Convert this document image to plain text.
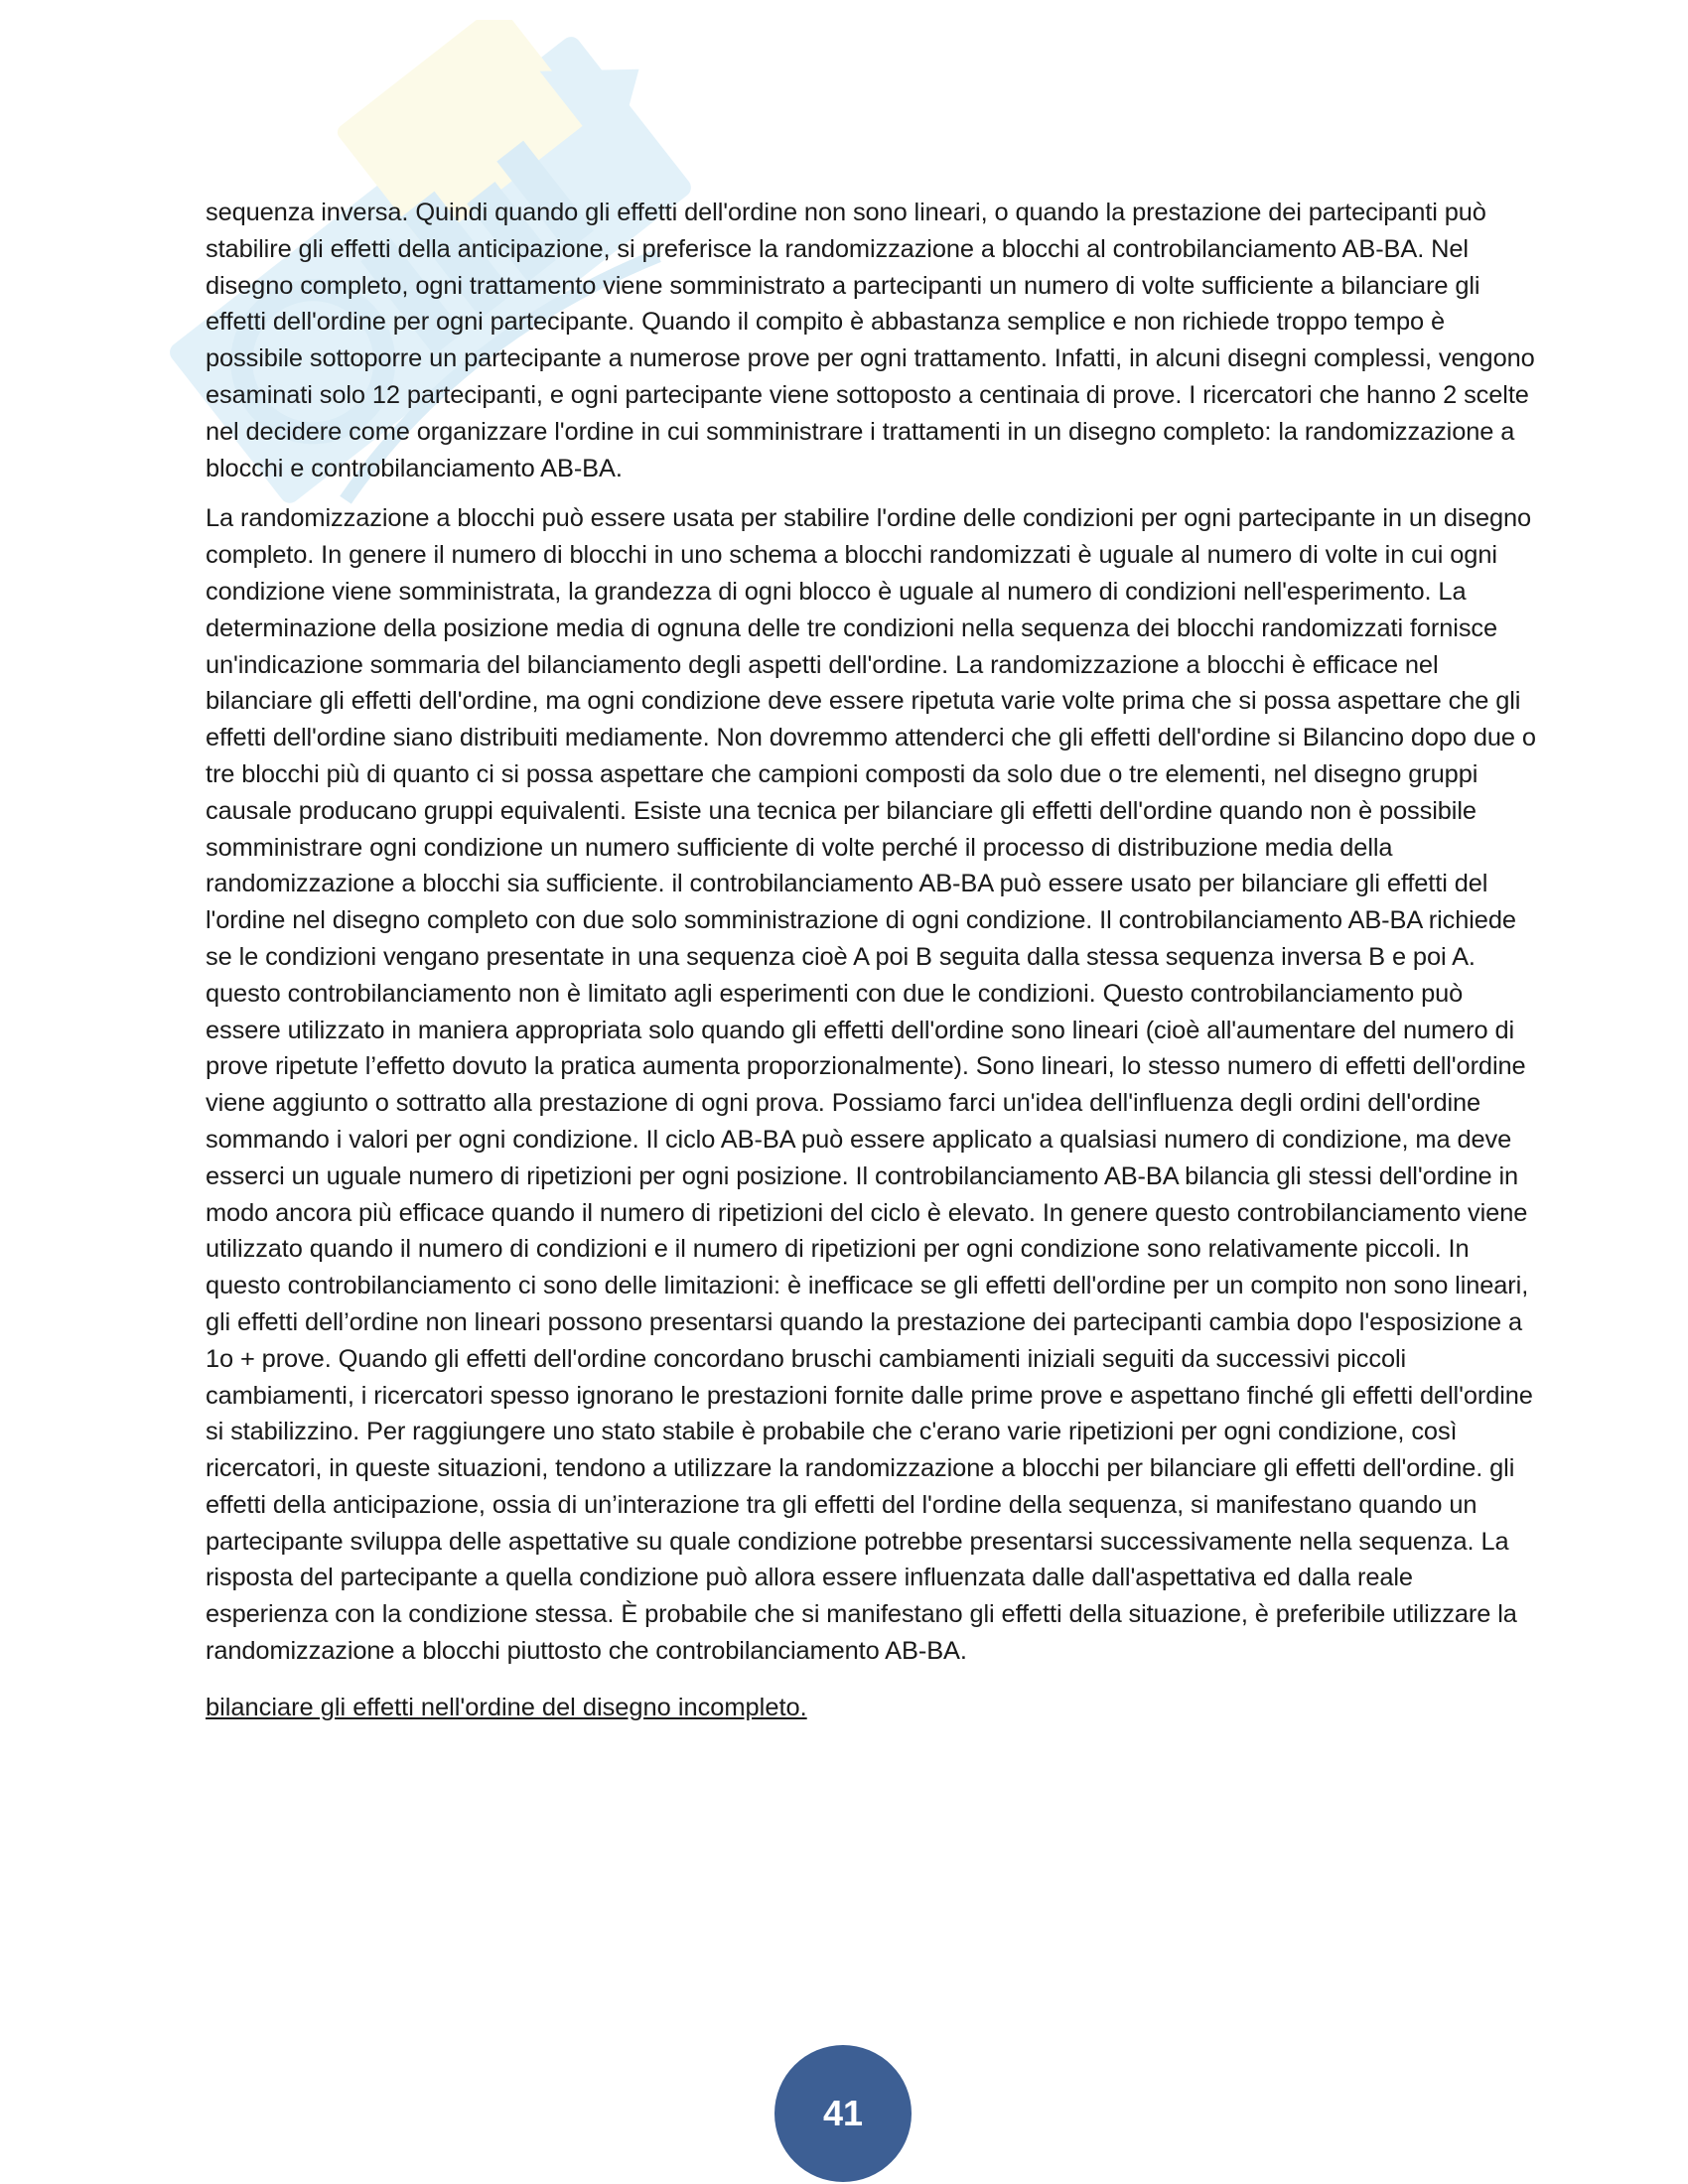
sequenza inversa. Quindi quando gli effetti dell'ordine non sono lineari, o quando la prestazione dei partecipanti può stabilire gli effetti della anticipazione, si preferisce la randomizzazione a blocchi al controbilanciamento AB-BA. Nel disegno completo, ogni trattamento viene somministrato a partecipanti un numero di volte sufficiente a bilanciare gli effetti dell'ordine per ogni partecipante. Quando il compito è abbastanza semplice e non richiede troppo tempo è possibile sottoporre un partecipante a numerose prove per ogni trattamento. Infatti, in alcuni disegni complessi, vengono esaminati solo 12 partecipanti, e ogni partecipante viene sottoposto a centinaia di prove. I ricercatori che hanno 2 scelte nel decidere come organizzare l'ordine in cui somministrare i trattamenti in un disegno completo: la randomizzazione a blocchi e controbilanciamento AB-BA.

La randomizzazione a blocchi può essere usata per stabilire l'ordine delle condizioni per ogni partecipante in un disegno completo. In genere il numero di blocchi in uno schema a blocchi randomizzati è uguale al numero di volte in cui ogni condizione viene somministrata, la grandezza di ogni blocco è uguale al numero di condizioni nell'esperimento. La determinazione della posizione media di ognuna delle tre condizioni nella sequenza dei blocchi randomizzati fornisce un'indicazione sommaria del bilanciamento degli aspetti dell'ordine. La randomizzazione a blocchi è efficace nel bilanciare gli effetti dell'ordine, ma ogni condizione deve essere ripetuta varie volte prima che si possa aspettare che gli effetti dell'ordine siano distribuiti mediamente. Non dovremmo attenderci che gli effetti dell'ordine si Bilancino dopo due o tre blocchi più di quanto ci si possa aspettare che campioni composti da solo due o tre elementi, nel disegno gruppi causale producano gruppi equivalenti. Esiste una tecnica per bilanciare gli effetti dell'ordine quando non è possibile somministrare ogni condizione un numero sufficiente di volte perché il processo di distribuzione media della randomizzazione a blocchi sia sufficiente. il controbilanciamento AB-BA può essere usato per bilanciare gli effetti del l'ordine nel disegno completo con due solo somministrazione di ogni condizione. Il controbilanciamento AB-BA richiede se le condizioni vengano presentate in una sequenza cioè A poi B seguita dalla stessa sequenza inversa B e poi A. questo controbilanciamento non è limitato agli esperimenti con due le condizioni. Questo controbilanciamento può essere utilizzato in maniera appropriata solo quando gli effetti dell'ordine sono lineari (cioè all'aumentare del numero di prove ripetute l’effetto dovuto la pratica aumenta proporzionalmente). Sono lineari, lo stesso numero di effetti dell'ordine viene aggiunto o sottratto alla prestazione di ogni prova. Possiamo farci un'idea dell'influenza degli ordini dell'ordine sommando i valori per ogni condizione. Il ciclo AB-BA può essere applicato a qualsiasi numero di condizione, ma deve esserci un uguale numero di ripetizioni per ogni posizione. Il controbilanciamento AB-BA bilancia gli stessi dell'ordine in modo ancora più efficace quando il numero di ripetizioni del ciclo è elevato. In genere questo controbilanciamento viene utilizzato quando il numero di condizioni e il numero di ripetizioni per ogni condizione sono relativamente piccoli. In questo controbilanciamento ci sono delle limitazioni: è inefficace se gli effetti dell'ordine per un compito non sono lineari, gli effetti dell’ordine non lineari possono presentarsi quando la prestazione dei partecipanti cambia dopo l'esposizione a 1o + prove. Quando gli effetti dell'ordine concordano bruschi cambiamenti iniziali seguiti da successivi piccoli cambiamenti, i ricercatori spesso ignorano le prestazioni fornite dalle prime prove e aspettano finché gli effetti dell'ordine si stabilizzino. Per raggiungere uno stato stabile è probabile che c'erano varie ripetizioni per ogni condizione, così ricercatori, in queste situazioni, tendono a utilizzare la randomizzazione a blocchi per bilanciare gli effetti dell'ordine. gli effetti della anticipazione, ossia di un’interazione tra gli effetti del l'ordine della sequenza, si manifestano quando un partecipante sviluppa delle aspettative su quale condizione potrebbe presentarsi successivamente nella sequenza. La risposta del partecipante a quella condizione può allora essere influenzata dalle dall'aspettativa ed dalla reale esperienza con la condizione stessa. È probabile che si manifestano gli effetti della situazione, è preferibile utilizzare la randomizzazione a blocchi piuttosto che controbilanciamento AB-BA.

bilanciare gli effetti nell'ordine del disegno incompleto.
41
